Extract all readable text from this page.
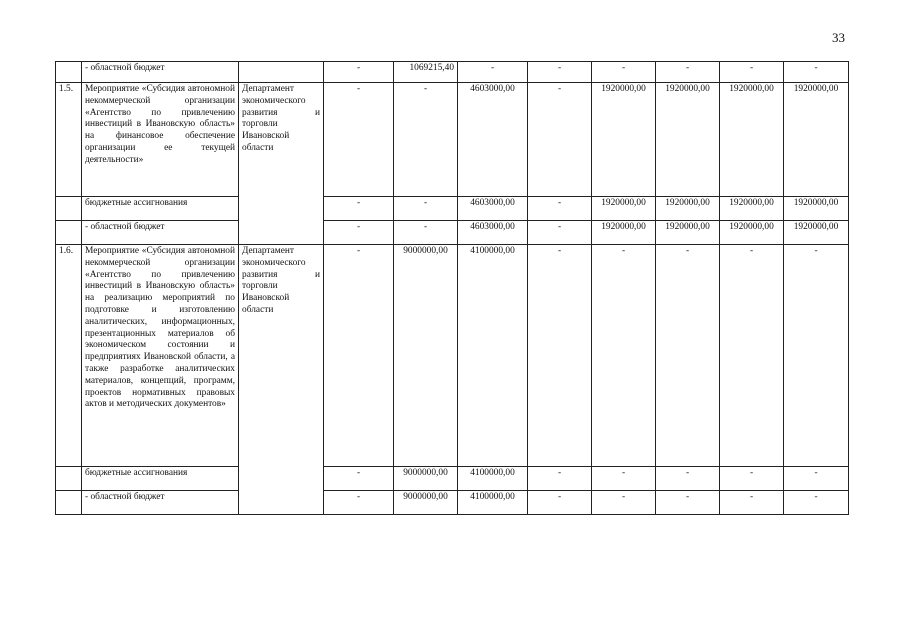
33
	- областной бюджет		-	1069215,40	-	-	-	-	-	-
1.5.	Мероприятие «Субсидия автономной некоммерческой организации «Агентство по привлечению инвестиций в Ивановскую область» на финансовое обеспечение организации ее текущей деятельности»	Департамент экономического развития и торговли Ивановской области	-	-	4603000,00	-	1920000,00	1920000,00	1920000,00	1920000,00
	бюджетные ассигнования		-	-	4603000,00	-	1920000,00	1920000,00	1920000,00	1920000,00
	- областной бюджет		-	-	4603000,00	-	1920000,00	1920000,00	1920000,00	1920000,00
1.6.	Мероприятие «Субсидия автономной некоммерческой организации «Агентство по привлечению инвестиций в Ивановскую область» на реализацию мероприятий по подготовке и изготовлению аналитических, информационных, презентационных материалов об экономическом состоянии и предприятиях Ивановской области, а также разработке аналитических материалов, концепций, программ, проектов нормативных правовых актов и методических документов»	Департамент экономического развития и торговли Ивановской области	-	9000000,00	4100000,00	-	-	-	-	-
	бюджетные ассигнования		-	9000000,00	4100000,00	-	-	-	-	-
	- областной бюджет		-	9000000,00	4100000,00	-	-	-	-	-
